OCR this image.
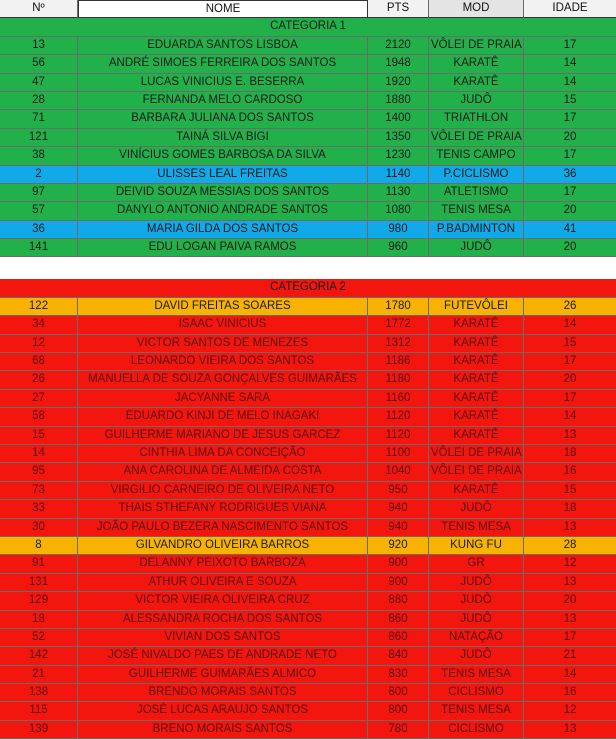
Nº	NOME	PTS	MOD	IDADE
CATEGORIA 1
13	EDUARDA SANTOS LISBOA	2120	VÔLEI DE PRAIA	17
56	ANDRÉ SIMOES FERREIRA DOS SANTOS	1948	KARATÊ	14
47	LUCAS VINICIUS E. BESERRA	1920	KARATÊ	14
28	FERNANDA MELO CARDOSO	1880	JUDÔ	15
71	BARBARA JULIANA DOS SANTOS	1400	TRIATHLON	17
121	TAINÁ SILVA BIGI	1350	VÔLEI DE PRAIA	20
38	VINÍCIUS GOMES BARBOSA DA SILVA	1230	TENIS CAMPO	17
2	ULISSES LEAL FREITAS	1140	P.CICLISMO	36
97	DEIVID SOUZA MESSIAS DOS SANTOS	1130	ATLETISMO	17
57	DANYLO ANTONIO ANDRADE SANTOS	1080	TENIS MESA	20
36	MARIA GILDA DOS SANTOS	980	P.BADMINTON	41
141	EDU LOGAN PAIVA RAMOS	960	JUDÔ	20
CATEGORIA 2
122	DAVID FREITAS SOARES	1780	FUTEVÔLEI	26
34	ISAAC VINICIUS	1772	KARATÊ	14
12	VICTOR SANTOS DE MENEZES	1312	KARATÊ	15
68	LEONARDO VIEIRA DOS SANTOS	1186	KARATÊ	17
26	MANUELLA DE SOUZA GONÇALVES GUIMARÃES	1180	KARATÊ	20
27	JACYANNE SARA	1160	KARATÊ	17
58	EDUARDO KINJI DE MELO INAGAKI	1120	KARATÊ	14
15	GUILHERME MARIANO DE JESUS GARCEZ	1120	KARATÊ	13
14	CINTHIA LIMA DA CONCEIÇÃO	1100	VÔLEI DE PRAIA	18
95	ANA CAROLINA DE ALMEIDA COSTA	1040	VÔLEI DE PRAIA	16
73	VIRGILIO CARNEIRO DE OLIVEIRA NETO	950	KARATÊ	15
33	THAIS STHEFANY RODRIGUES VIANA	940	JUDÔ	18
30	JOÃO PAULO BEZERA NASCIMENTO SANTOS	940	TENIS MESA	13
8	GILVANDRO OLIVEIRA BARROS	920	KUNG FU	28
91	DELANNY PEIXOTO BARBOZA	900	GR	12
131	ATHUR OLIVEIRA E SOUZA	900	JUDÔ	13
129	VICTOR VIEIRA OLIVEIRA CRUZ	880	JUDÔ	20
18	ALESSANDRA ROCHA DOS SANTOS	860	JUDÔ	13
52	VIVIAN DOS SANTOS	860	NATAÇÃO	17
142	JOSÉ NIVALDO PAES DE ANDRADE NETO	840	JUDÔ	21
21	GUILHERME GUIMARÃES ALMICO	830	TENIS MESA	14
138	BRENDO MORAIS SANTOS	800	CICLISMO	16
115	JOSÉ LUCAS ARAUJO SANTOS	800	TENIS MESA	12
139	BRENO MORAIS SANTOS	780	CICLISMO	13
